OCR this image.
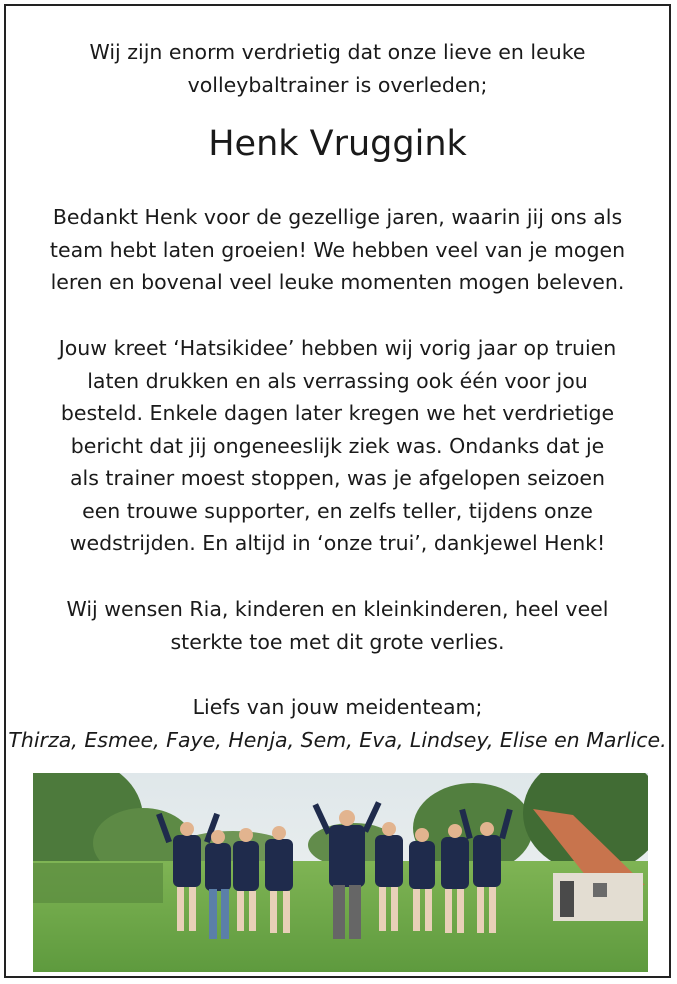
Wij zijn enorm verdrietig dat onze lieve en leuke
volleybaltrainer is overleden;
Henk Vruggink
Bedankt Henk voor de gezellige jaren, waarin jij ons als
team hebt laten groeien! We hebben veel van je mogen
leren en bovenal veel leuke momenten mogen beleven.
Jouw kreet ‘Hatsikidee’ hebben wij vorig jaar op truien
laten drukken en als verrassing ook één voor jou
besteld. Enkele dagen later kregen we het verdrietige
bericht dat jij ongeneeslijk ziek was. Ondanks dat je
als trainer moest stoppen, was je afgelopen seizoen
een trouwe supporter, en zelfs teller, tijdens onze
wedstrijden. En altijd in ‘onze trui’, dankjewel Henk!
Wij wensen Ria, kinderen en kleinkinderen, heel veel
sterkte toe met dit grote verlies.
Liefs van jouw meidenteam;
Thirza, Esmee, Faye, Henja, Sem, Eva, Lindsey, Elise en Marlice.
